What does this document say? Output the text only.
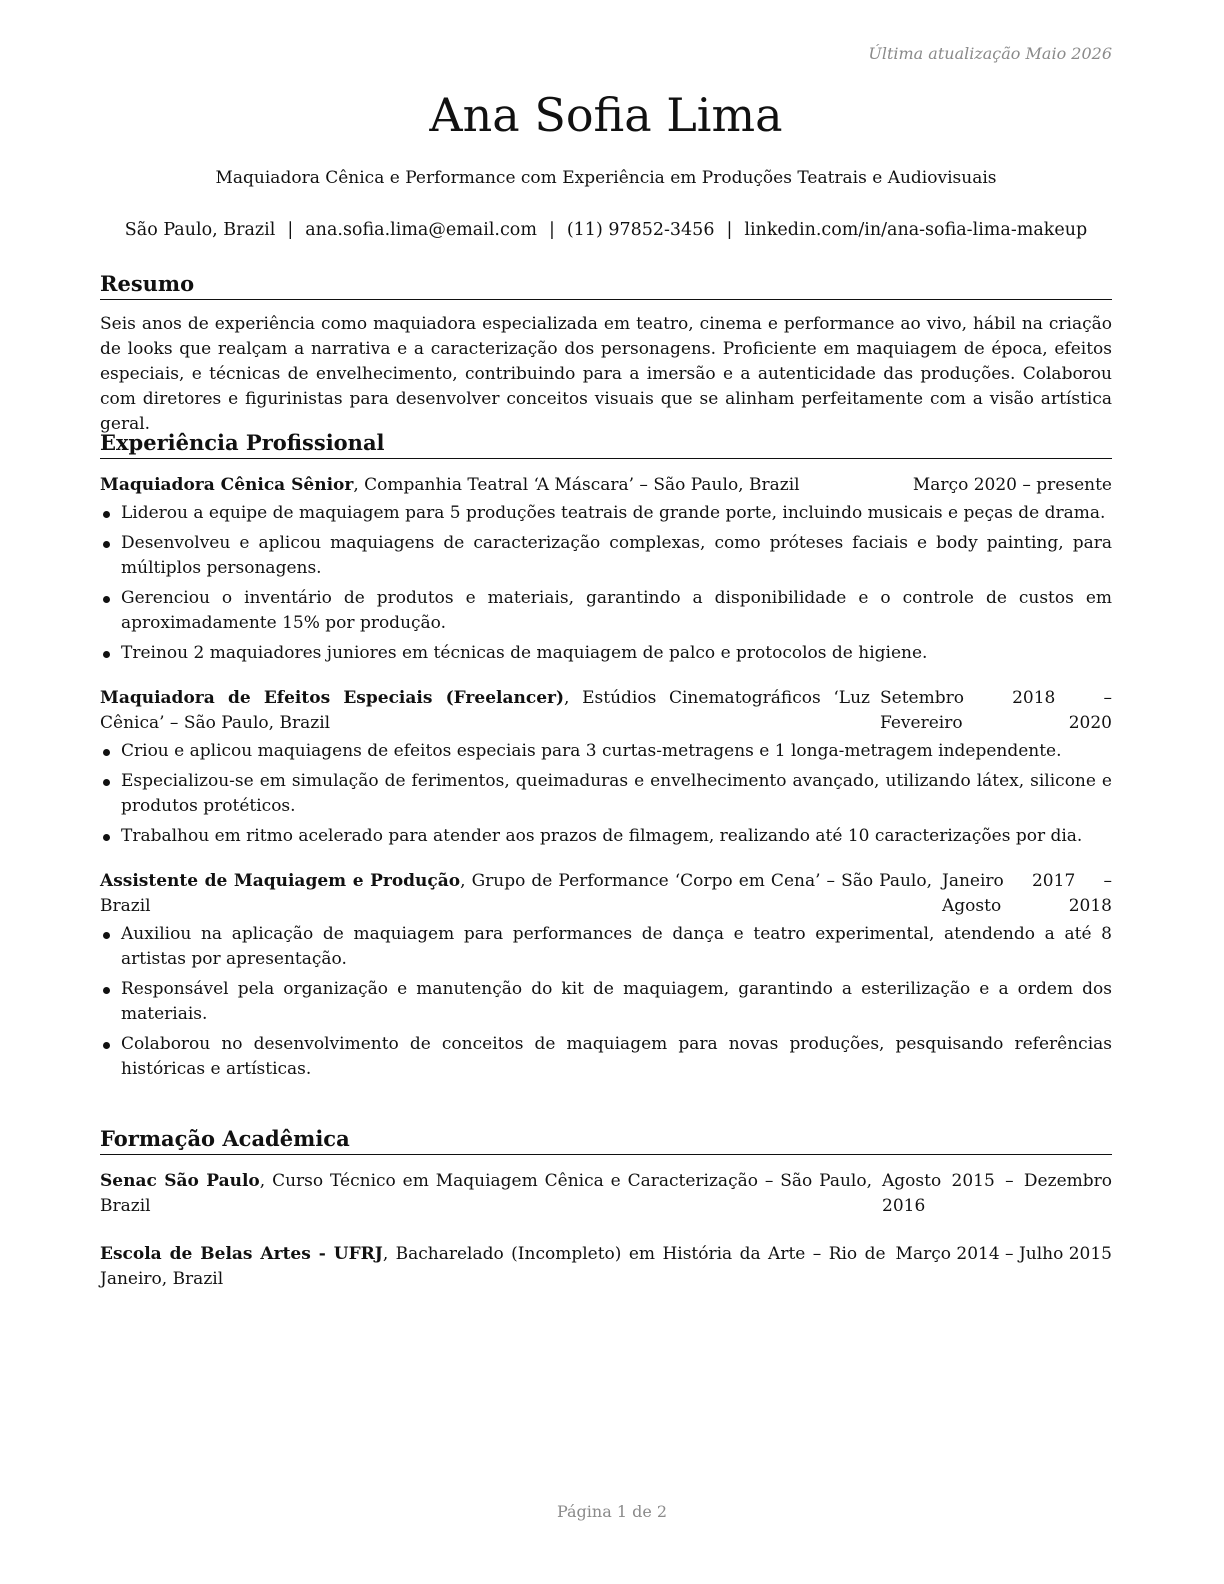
Última atualização Maio 2026
Ana Sofia Lima
Maquiadora Cênica e Performance com Experiência em Produções Teatrais e Audiovisuais
São Paulo, Brazil | ana.sofia.lima@email.com | (11) 97852-3456 | linkedin.com/in/ana-sofia-lima-makeup
Resumo
Seis anos de experiência como maquiadora especializada em teatro, cinema e performance ao vivo, hábil na criação de looks que realçam a narrativa e a caracterização dos personagens. Proficiente em maquiagem de época, efeitos especiais, e técnicas de envelhecimento, contribuindo para a imersão e a autenticidade das produções. Colaborou com diretores e figurinistas para desenvolver conceitos visuais que se alinham perfeitamente com a visão artística geral.
Experiência Profissional
Maquiadora Cênica Sênior, Companhia Teatral ‘A Máscara’ – São Paulo, Brazil	Março 2020 – presente
Liderou a equipe de maquiagem para 5 produções teatrais de grande porte, incluindo musicais e peças de drama.
Desenvolveu e aplicou maquiagens de caracterização complexas, como próteses faciais e body painting, para múltiplos personagens.
Gerenciou o inventário de produtos e materiais, garantindo a disponibilidade e o controle de custos em aproximadamente 15% por produção.
Treinou 2 maquiadores juniores em técnicas de maquiagem de palco e protocolos de higiene.
Maquiadora de Efeitos Especiais (Freelancer), Estúdios Cinematográficos ‘Luz Cênica’ – São Paulo, Brazil
Setembro 2018 – Fevereiro 2020
Criou e aplicou maquiagens de efeitos especiais para 3 curtas-metragens e 1 longa-metragem independente.
Especializou-se em simulação de ferimentos, queimaduras e envelhecimento avançado, utilizando látex, silicone e produtos protéticos.
Trabalhou em ritmo acelerado para atender aos prazos de filmagem, realizando até 10 caracterizações por dia.
Assistente de Maquiagem e Produção, Grupo de Performance ‘Corpo em Cena’ – São Paulo, Brazil
Janeiro 2017 – Agosto 2018
Auxiliou na aplicação de maquiagem para performances de dança e teatro experimental, atendendo a até 8 artistas por apresentação.
Responsável pela organização e manutenção do kit de maquiagem, garantindo a esterilização e a ordem dos materiais.
Colaborou no desenvolvimento de conceitos de maquiagem para novas produções, pesquisando referências históricas e artísticas.
Formação Acadêmica
Senac São Paulo, Curso Técnico em Maquiagem Cênica e Caracterização – São Paulo, Brazil
Agosto 2015 – Dezembro 2016
Escola de Belas Artes - UFRJ, Bacharelado (Incompleto) em História da Arte – Rio de Janeiro, Brazil
Março 2014 – Julho 2015
Página 1 de 2
